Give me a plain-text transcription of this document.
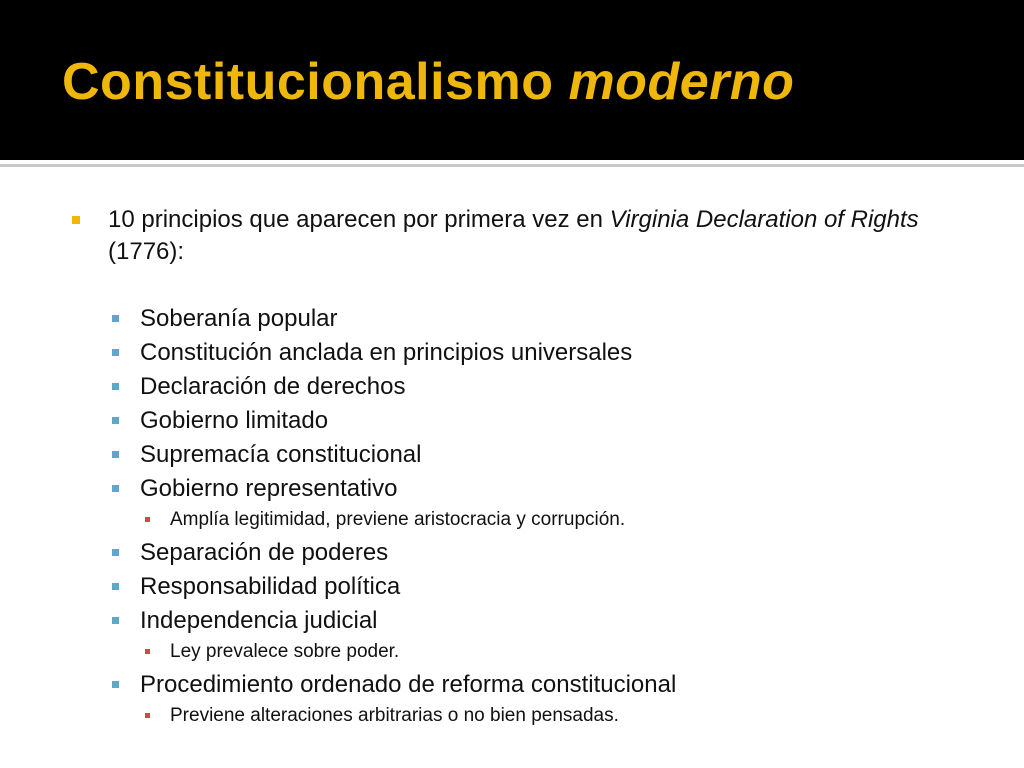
Constitucionalismo moderno
10 principios que aparecen por primera vez en Virginia Declaration of Rights (1776):
Soberanía popular
Constitución anclada en principios universales
Declaración de derechos
Gobierno limitado
Supremacía constitucional
Gobierno representativo
Amplía legitimidad, previene aristocracia y corrupción.
Separación de poderes
Responsabilidad política
Independencia judicial
Ley prevalece sobre poder.
Procedimiento ordenado de reforma constitucional
Previene alteraciones arbitrarias o no bien pensadas.
